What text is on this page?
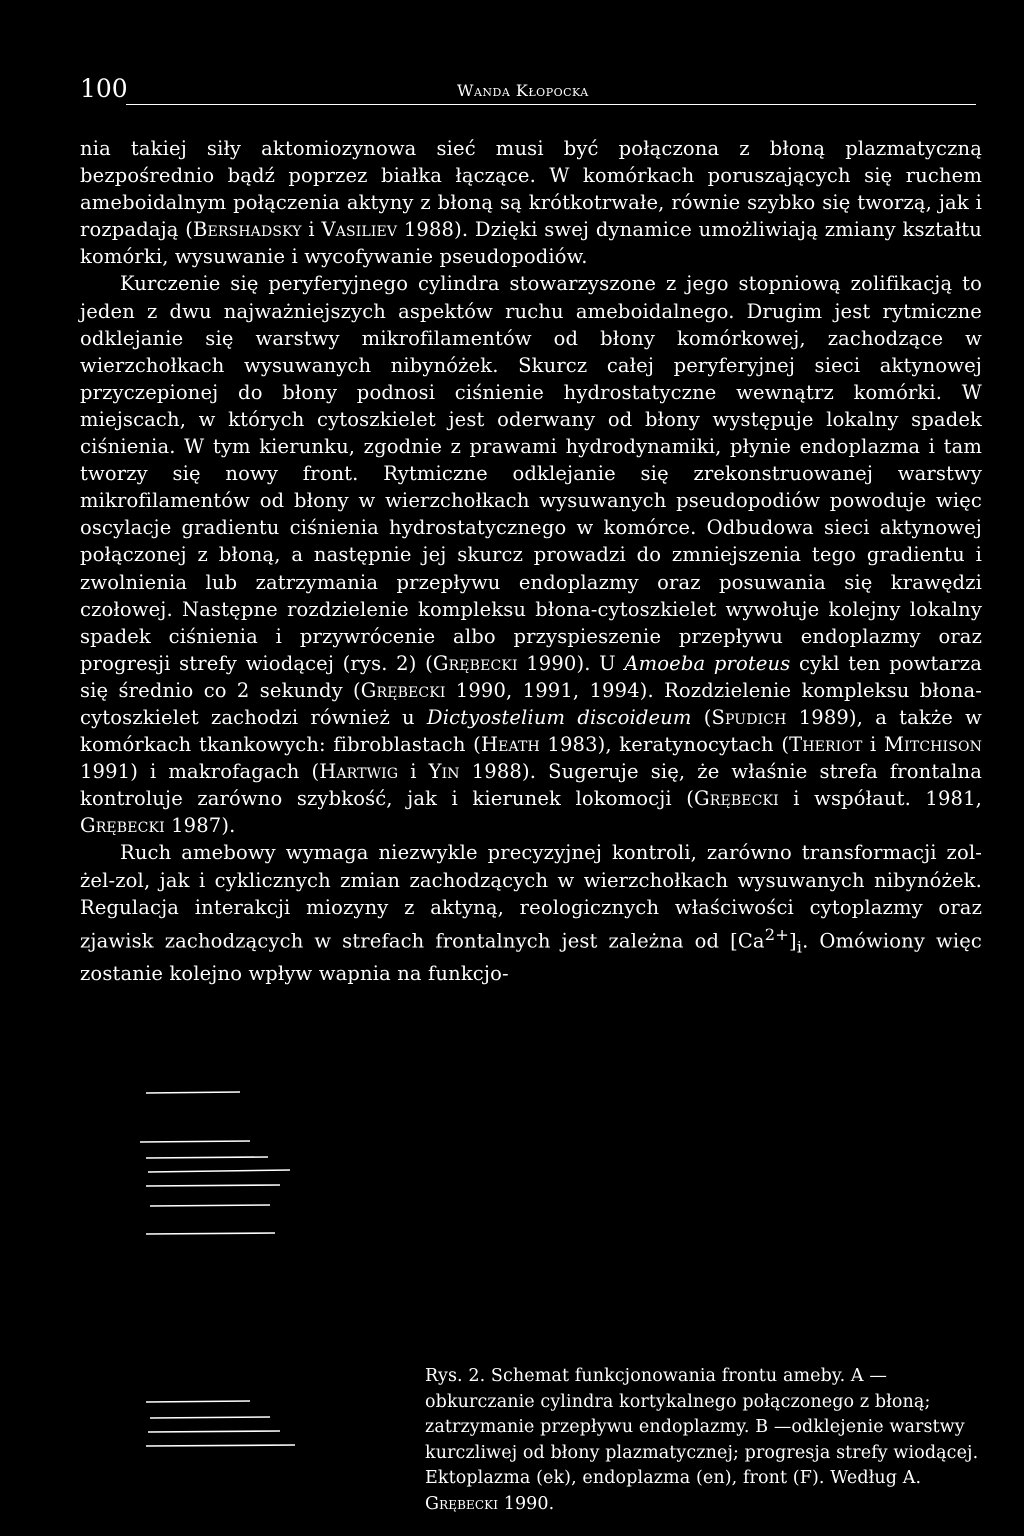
100	Wanda Kłopocka

nia takiej siły aktomiozynowa sieć musi być połączona z błoną plazmatyczną bezpośrednio bądź poprzez białka łączące. W komórkach poruszających się ruchem ameboidalnym połączenia aktyny z błoną są krótkotrwałe, równie szybko się tworzą, jak i rozpadają (Bershadsky i Vasiliev 1988). Dzięki swej dynamice umożliwiają zmiany kształtu komórki, wysuwanie i wycofywanie pseudopodiów.

Kurczenie się peryferyjnego cylindra stowarzyszone z jego stopniową zolifikacją to jeden z dwu najważniejszych aspektów ruchu ameboidalnego. Drugim jest rytmiczne odklejanie się warstwy mikrofilamentów od błony komórkowej, zachodzące w wierzchołkach wysuwanych nibynóżek. Skurcz całej peryferyjnej sieci aktynowej przyczepionej do błony podnosi ciśnienie hydrostatyczne wewnątrz komórki. W miejscach, w których cytoszkielet jest oderwany od błony występuje lokalny spadek ciśnienia. W tym kierunku, zgodnie z prawami hydrodynamiki, płynie endoplazma i tam tworzy się nowy front. Rytmiczne odklejanie się zrekonstruowanej warstwy mikrofilamentów od błony w wierzchołkach wysuwanych pseudopodiów powoduje więc oscylacje gradientu ciśnienia hydrostatycznego w komórce. Odbudowa sieci aktynowej połączonej z błoną, a następnie jej skurcz prowadzi do zmniejszenia tego gradientu i zwolnienia lub zatrzymania przepływu endoplazmy oraz posuwania się krawędzi czołowej. Następne rozdzielenie kompleksu błona-cytoszkielet wywołuje kolejny lokalny spadek ciśnienia i przywrócenie albo przyspieszenie przepływu endoplazmy oraz progresji strefy wiodącej (rys. 2) (Grębecki 1990). U Amoeba proteus cykl ten powtarza się średnio co 2 sekundy (Grębecki 1990, 1991, 1994). Rozdzielenie kompleksu błona-cytoszkielet zachodzi również u Dictyostelium discoideum (Spudich 1989), a także w komórkach tkankowych: fibroblastach (Heath 1983), keratynocytach (Theriot i Mitchison 1991) i makrofagach (Hartwig i Yin 1988). Sugeruje się, że właśnie strefa frontalna kontroluje zarówno szybkość, jak i kierunek lokomocji (Grębecki i współaut. 1981, Grębecki 1987).

Ruch amebowy wymaga niezwykle precyzyjnej kontroli, zarówno transformacji zol-żel-zol, jak i cyklicznych zmian zachodzących w wierzchołkach wysuwanych nibynóżek. Regulacja interakcji miozyny z aktyną, reologicznych właściwości cytoplazmy oraz zjawisk zachodzących w strefach frontalnych jest zależna od $[Ca^{2+}]_i$. Omówiony więc zostanie kolejno wpływ wapnia na funkcjo-

Rys. 2. Schemat funkcjonowania frontu ameby. A — obkurczanie cylindra kortykalnego połączonego z błoną; zatrzymanie przepływu endoplazmy. B —odklejenie warstwy kurczliwej od błony plazmatycznej; progresja strefy wiodącej. Ektoplazma (ek), endoplazma (en), front (F). Według A. Grębecki 1990.
